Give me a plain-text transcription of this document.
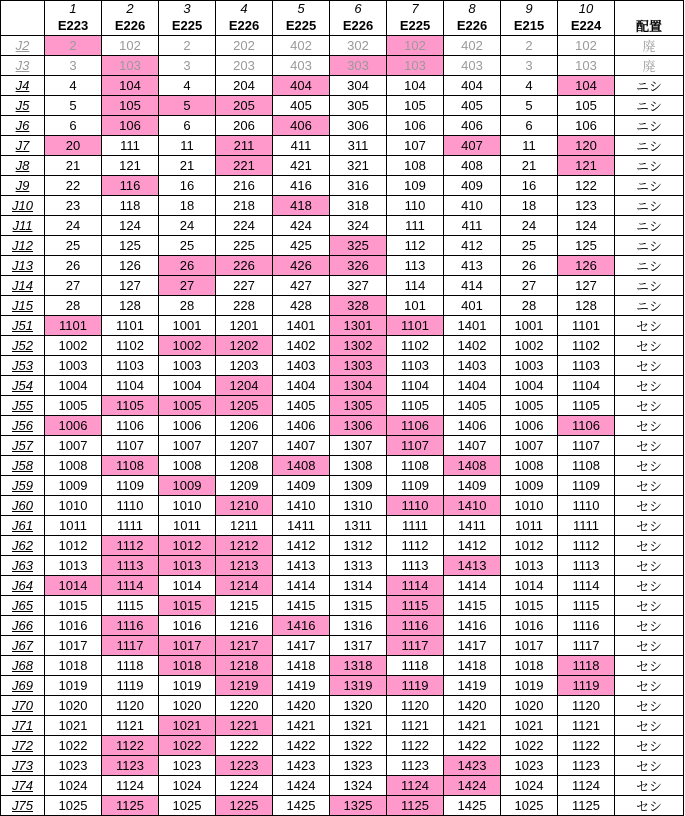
	1	2	3	4	5	6	7	8	9	10	
	E223	E226	E225	E226	E225	E226	E225	E226	E215	E224	配置
J2	2	102	2	202	402	302	102	402	2	102	廃
J3	3	103	3	203	403	303	103	403	3	103	廃
J4	4	104	4	204	404	304	104	404	4	104	ニシ
J5	5	105	5	205	405	305	105	405	5	105	ニシ
J6	6	106	6	206	406	306	106	406	6	106	ニシ
J7	20	111	11	211	411	311	107	407	11	120	ニシ
J8	21	121	21	221	421	321	108	408	21	121	ニシ
J9	22	116	16	216	416	316	109	409	16	122	ニシ
J10	23	118	18	218	418	318	110	410	18	123	ニシ
J11	24	124	24	224	424	324	111	411	24	124	ニシ
J12	25	125	25	225	425	325	112	412	25	125	ニシ
J13	26	126	26	226	426	326	113	413	26	126	ニシ
J14	27	127	27	227	427	327	114	414	27	127	ニシ
J15	28	128	28	228	428	328	101	401	28	128	ニシ
J51	1101	1101	1001	1201	1401	1301	1101	1401	1001	1101	セシ
J52	1002	1102	1002	1202	1402	1302	1102	1402	1002	1102	セシ
J53	1003	1103	1003	1203	1403	1303	1103	1403	1003	1103	セシ
J54	1004	1104	1004	1204	1404	1304	1104	1404	1004	1104	セシ
J55	1005	1105	1005	1205	1405	1305	1105	1405	1005	1105	セシ
J56	1006	1106	1006	1206	1406	1306	1106	1406	1006	1106	セシ
J57	1007	1107	1007	1207	1407	1307	1107	1407	1007	1107	セシ
J58	1008	1108	1008	1208	1408	1308	1108	1408	1008	1108	セシ
J59	1009	1109	1009	1209	1409	1309	1109	1409	1009	1109	セシ
J60	1010	1110	1010	1210	1410	1310	1110	1410	1010	1110	セシ
J61	1011	1111	1011	1211	1411	1311	1111	1411	1011	1111	セシ
J62	1012	1112	1012	1212	1412	1312	1112	1412	1012	1112	セシ
J63	1013	1113	1013	1213	1413	1313	1113	1413	1013	1113	セシ
J64	1014	1114	1014	1214	1414	1314	1114	1414	1014	1114	セシ
J65	1015	1115	1015	1215	1415	1315	1115	1415	1015	1115	セシ
J66	1016	1116	1016	1216	1416	1316	1116	1416	1016	1116	セシ
J67	1017	1117	1017	1217	1417	1317	1117	1417	1017	1117	セシ
J68	1018	1118	1018	1218	1418	1318	1118	1418	1018	1118	セシ
J69	1019	1119	1019	1219	1419	1319	1119	1419	1019	1119	セシ
J70	1020	1120	1020	1220	1420	1320	1120	1420	1020	1120	セシ
J71	1021	1121	1021	1221	1421	1321	1121	1421	1021	1121	セシ
J72	1022	1122	1022	1222	1422	1322	1122	1422	1022	1122	セシ
J73	1023	1123	1023	1223	1423	1323	1123	1423	1023	1123	セシ
J74	1024	1124	1024	1224	1424	1324	1124	1424	1024	1124	セシ
J75	1025	1125	1025	1225	1425	1325	1125	1425	1025	1125	セシ
